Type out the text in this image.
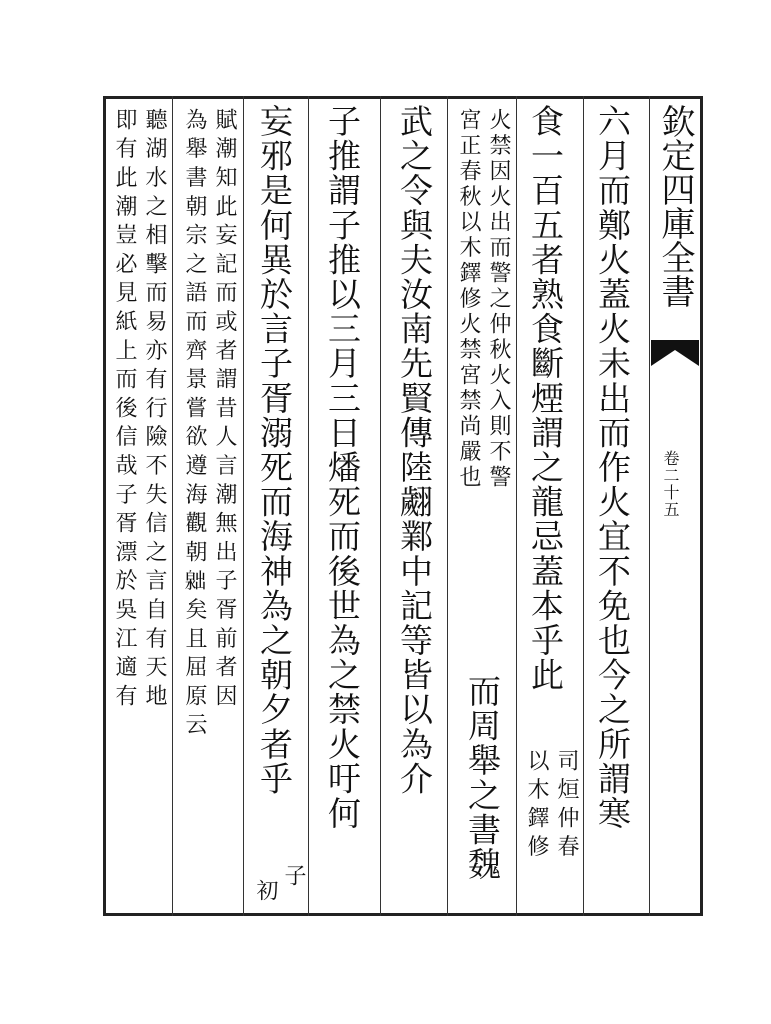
欽定四庫全書
卷二十五
六月而鄭火蓋火未出而作火宜不免也今之所謂寒
食一百五者熟食斷煙謂之龍忌蓋本乎此
司烜仲春
以木鐸修
火禁因火出而警之仲秋火入則不警
宮正春秋以木鐸修火禁宮禁尚嚴也
而周舉之書魏
武之令與夫汝南先賢傳陸翽鄴中記等皆以為介
子推謂子推以三月三日燔死而後世為之禁火吁何
妄邪是何異於言子胥溺死而海神為之朝夕者乎
子
初
賦潮知此妄記而或者謂昔人言潮無出子胥前者因
為舉書朝宗之語而齊景嘗欲遵海觀朝𣻮矣且屈原云
聽湖水之相擊而易亦有行險不失信之言自有天地
即有此潮豈必見紙上而後信哉子胥漂於吳江適有
